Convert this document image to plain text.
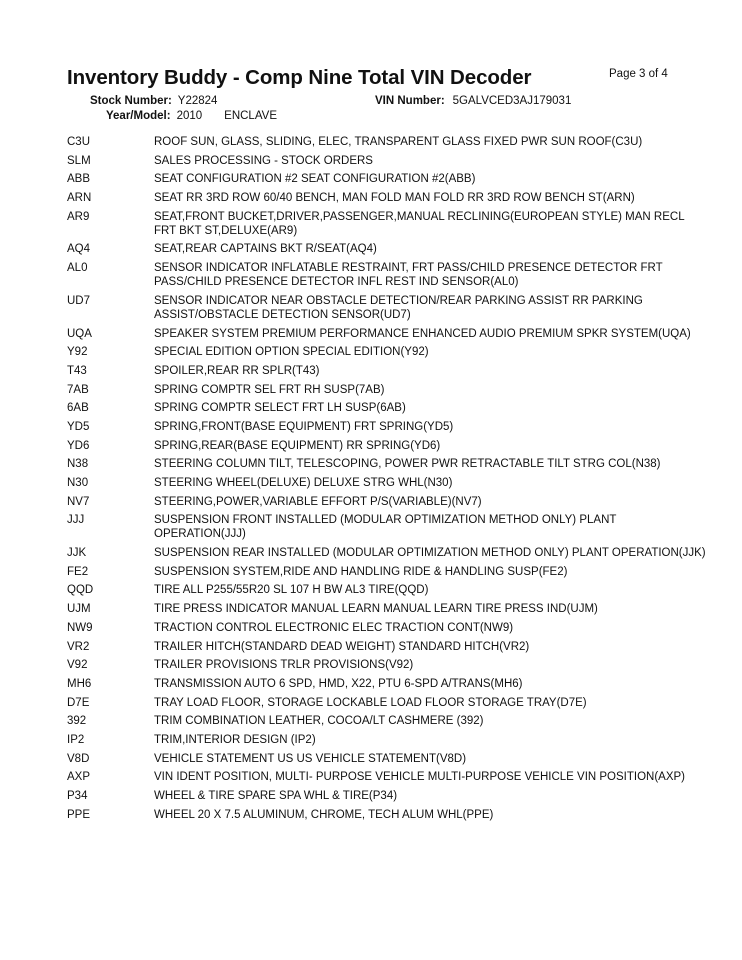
Inventory Buddy - Comp Nine Total VIN Decoder	Page 3 of 4
Stock Number: Y22824	VIN Number: 5GALVCED3AJ179031
Year/Model: 2010 ENCLAVE
C3U	ROOF SUN, GLASS, SLIDING, ELEC, TRANSPARENT GLASS FIXED PWR SUN ROOF(C3U)
SLM	SALES PROCESSING - STOCK ORDERS
ABB	SEAT CONFIGURATION #2 SEAT CONFIGURATION #2(ABB)
ARN	SEAT RR 3RD ROW 60/40 BENCH, MAN FOLD MAN FOLD RR 3RD ROW BENCH ST(ARN)
AR9	SEAT,FRONT BUCKET,DRIVER,PASSENGER,MANUAL RECLINING(EUROPEAN STYLE) MAN RECL FRT BKT ST,DELUXE(AR9)
AQ4	SEAT,REAR CAPTAINS BKT R/SEAT(AQ4)
AL0	SENSOR INDICATOR INFLATABLE RESTRAINT, FRT PASS/CHILD PRESENCE DETECTOR FRT PASS/CHILD PRESENCE DETECTOR INFL REST IND SENSOR(AL0)
UD7	SENSOR INDICATOR NEAR OBSTACLE DETECTION/REAR PARKING ASSIST RR PARKING ASSIST/OBSTACLE DETECTION SENSOR(UD7)
UQA	SPEAKER SYSTEM PREMIUM PERFORMANCE ENHANCED AUDIO PREMIUM SPKR SYSTEM(UQA)
Y92	SPECIAL EDITION OPTION SPECIAL EDITION(Y92)
T43	SPOILER,REAR RR SPLR(T43)
7AB	SPRING COMPTR SEL FRT RH SUSP(7AB)
6AB	SPRING COMPTR SELECT FRT LH SUSP(6AB)
YD5	SPRING,FRONT(BASE EQUIPMENT) FRT SPRING(YD5)
YD6	SPRING,REAR(BASE EQUIPMENT) RR SPRING(YD6)
N38	STEERING COLUMN TILT, TELESCOPING, POWER PWR RETRACTABLE TILT STRG COL(N38)
N30	STEERING WHEEL(DELUXE) DELUXE STRG WHL(N30)
NV7	STEERING,POWER,VARIABLE EFFORT P/S(VARIABLE)(NV7)
JJJ	SUSPENSION FRONT INSTALLED (MODULAR OPTIMIZATION METHOD ONLY) PLANT OPERATION(JJJ)
JJK	SUSPENSION REAR INSTALLED (MODULAR OPTIMIZATION METHOD ONLY) PLANT OPERATION(JJK)
FE2	SUSPENSION SYSTEM,RIDE AND HANDLING RIDE & HANDLING SUSP(FE2)
QQD	TIRE ALL P255/55R20 SL 107 H BW AL3 TIRE(QQD)
UJM	TIRE PRESS INDICATOR MANUAL LEARN MANUAL LEARN TIRE PRESS IND(UJM)
NW9	TRACTION CONTROL ELECTRONIC ELEC TRACTION CONT(NW9)
VR2	TRAILER HITCH(STANDARD DEAD WEIGHT) STANDARD HITCH(VR2)
V92	TRAILER PROVISIONS TRLR PROVISIONS(V92)
MH6	TRANSMISSION AUTO 6 SPD, HMD, X22, PTU 6-SPD A/TRANS(MH6)
D7E	TRAY LOAD FLOOR, STORAGE LOCKABLE LOAD FLOOR STORAGE TRAY(D7E)
392	TRIM COMBINATION LEATHER, COCOA/LT CASHMERE (392)
IP2	TRIM,INTERIOR DESIGN (IP2)
V8D	VEHICLE STATEMENT US US VEHICLE STATEMENT(V8D)
AXP	VIN IDENT POSITION, MULTI- PURPOSE VEHICLE MULTI-PURPOSE VEHICLE VIN POSITION(AXP)
P34	WHEEL & TIRE SPARE SPA WHL & TIRE(P34)
PPE	WHEEL 20 X 7.5 ALUMINUM, CHROME, TECH ALUM WHL(PPE)
